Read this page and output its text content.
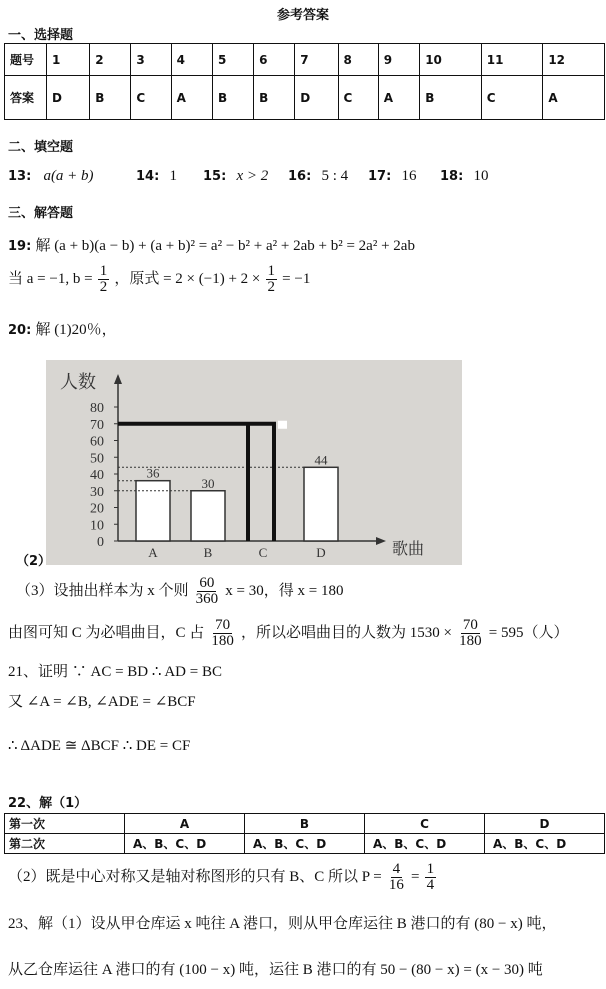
参考答案
一、选择题
题号	1	2	3	4	5	6	7	8	9	10	11	12
答案	D	B	C	A	B	B	D	C	A	B	C	A
二、填空题
13: a(a + b)	14: 1 15: x > 2 16: 5 : 4 17: 16 18: 10
三、解答题
19: 解 (a + b)(a − b) + (a + b)² = a² − b² + a² + 2ab + b² = 2a² + 2ab
当 a = −1, $b = \frac{1}{2}$ ，原式 = $2 \times (-1) + 2 \times \frac{1}{2} = -1$
20: 解 (1)20％，
0
10
20
30
40
50
60
70
80
人数
歌曲
36
A
30
B	C
44
D
（2）
（3）设抽出样本为 x 个则 $\frac{60}{360}$ x = 30，得 x = 180
由图可知 C 为必唱曲目，C 占 $\frac{70}{180}$ ，所以必唱曲目的人数为 $1530 \times \frac{70}{180} = 595$（人）
21、证明 ∵ AC = BD ∴ AD = BC
又 ∠A = ∠B, ∠ADE = ∠BCF
∴ ΔADE ≅ ΔBCF ∴ DE = CF
22、解（1）
第一次	A	B	C	D
第二次	A、B、C、D	A、B、C、D	A、B、C、D	A、B、C、D
（2）既是中心对称又是轴对称图形的只有 B、C 所以 $P = \frac{4}{16} = \frac{1}{4}$
23、解（1）设从甲仓库运 x 吨往 A 港口，则从甲仓库运往 B 港口的有 (80 − x) 吨，
从乙仓库运往 A 港口的有 (100 − x) 吨，运往 B 港口的有 50 − (80 − x) = (x − 30) 吨
